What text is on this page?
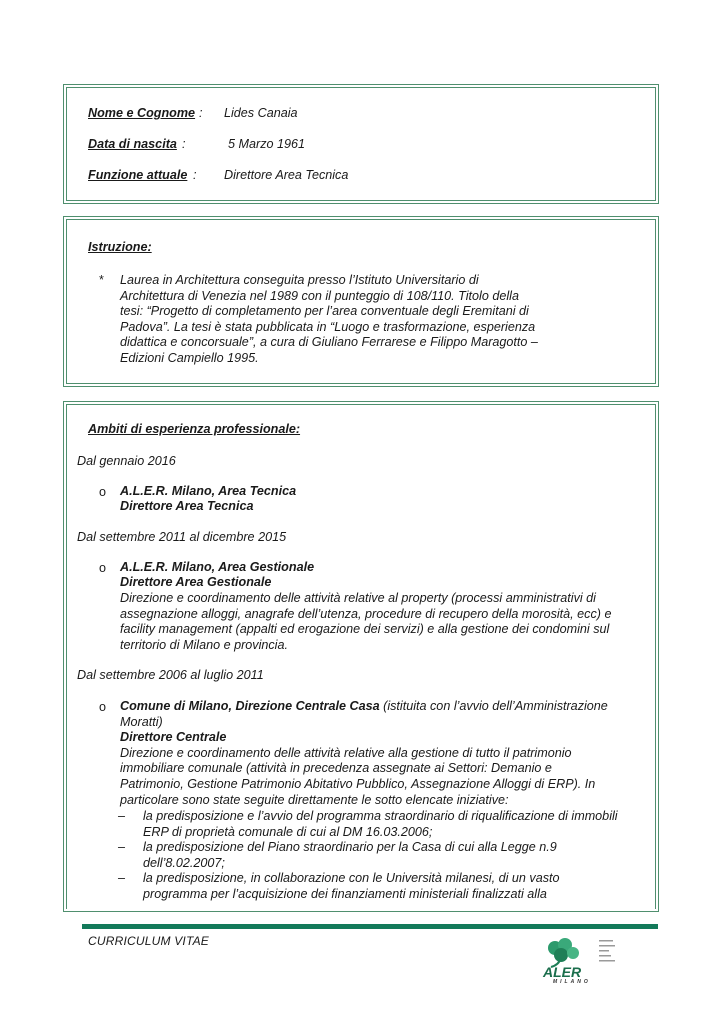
Nome e Cognome : Lides Canaia
Data di nascita :	5 Marzo 1961
Funzione attuale : Direttore Area Tecnica
Istruzione:
* Laurea in Architettura conseguita presso l’Istituto Universitario di
Architettura di Venezia nel 1989 con il punteggio di 108/110. Titolo della
tesi: “Progetto di completamento per l’area conventuale degli Eremitani di
Padova”. La tesi è stata pubblicata in “Luogo e trasformazione, esperienza
didattica e concorsuale”, a cura di Giuliano Ferrarese e Filippo Maragotto –
Edizioni Campiello 1995.
Ambiti di esperienza professionale:
Dal gennaio 2016
o A.L.E.R. Milano, Area Tecnica
Direttore Area Tecnica
Dal settembre 2011 al dicembre 2015
o A.L.E.R. Milano, Area Gestionale
Direttore Area Gestionale
Direzione e coordinamento delle attività relative al property (processi amministrativi di
assegnazione alloggi, anagrafe dell’utenza, procedure di recupero della morosità, ecc) e
facility management (appalti ed erogazione dei servizi) e alla gestione dei condomini sul
territorio di Milano e provincia.
Dal settembre 2006 al luglio 2011
o Comune di Milano, Direzione Centrale Casa (istituita con l’avvio dell’Amministrazione
Moratti)
Direttore Centrale
Direzione e coordinamento delle attività relative alla gestione di tutto il patrimonio
immobiliare comunale (attività in precedenza assegnate ai Settori: Demanio e
Patrimonio, Gestione Patrimonio Abitativo Pubblico, Assegnazione Alloggi di ERP). In
particolare sono state seguite direttamente le sotto elencate iniziative:
– la predisposizione e l’avvio del programma straordinario di riqualificazione di immobili
ERP di proprietà comunale di cui al DM 16.03.2006;
– la predisposizione del Piano straordinario per la Casa di cui alla Legge n.9
dell’8.02.2007;
– la predisposizione, in collaborazione con le Università milanesi, di un vasto
programma per l’acquisizione dei finanziamenti ministeriali finalizzati alla
CURRICULUM VITAE
ALER
MILANO
